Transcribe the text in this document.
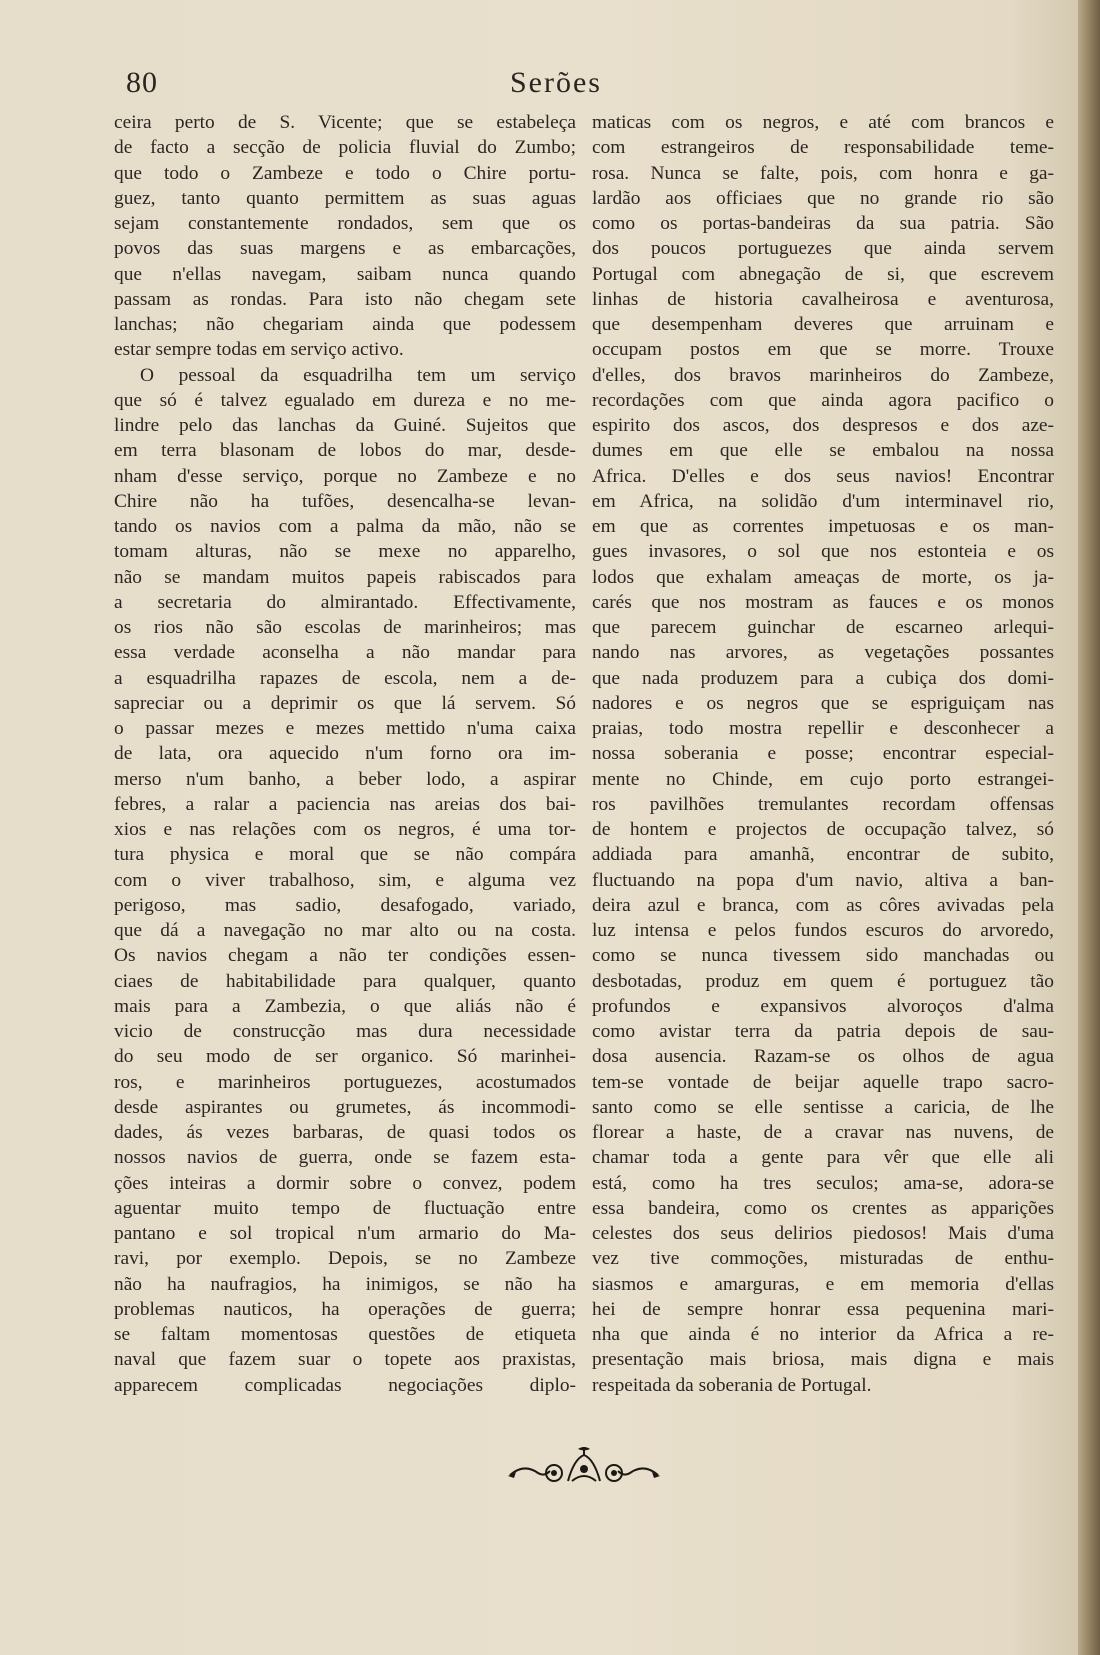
80	Serões
ceira perto de S. Vicente; que se estabeleça
de facto a secção de policia fluvial do Zumbo;
que todo o Zambeze e todo o Chire portu-
guez, tanto quanto permittem as suas aguas
sejam constantemente rondados, sem que os
povos das suas margens e as embarcações,
que n'ellas navegam, saibam nunca quando
passam as rondas. Para isto não chegam sete
lanchas; não chegariam ainda que podessem
estar sempre todas em serviço activo.
O pessoal da esquadrilha tem um serviço
que só é talvez egualado em dureza e no me-
lindre pelo das lanchas da Guiné. Sujeitos que
em terra blasonam de lobos do mar, desde-
nham d'esse serviço, porque no Zambeze e no
Chire não ha tufões, desencalha-se levan-
tando os navios com a palma da mão, não se
tomam alturas, não se mexe no apparelho,
não se mandam muitos papeis rabiscados para
a secretaria do almirantado. Effectivamente,
os rios não são escolas de marinheiros; mas
essa verdade aconselha a não mandar para
a esquadrilha rapazes de escola, nem a de-
sapreciar ou a deprimir os que lá servem. Só
o passar mezes e mezes mettido n'uma caixa
de lata, ora aquecido n'um forno ora im-
merso n'um banho, a beber lodo, a aspirar
febres, a ralar a paciencia nas areias dos bai-
xios e nas relações com os negros, é uma tor-
tura physica e moral que se não compára
com o viver trabalhoso, sim, e alguma vez
perigoso, mas sadio, desafogado, variado,
que dá a navegação no mar alto ou na costa.
Os navios chegam a não ter condições essen-
ciaes de habitabilidade para qualquer, quanto
mais para a Zambezia, o que aliás não é
vicio de construcção mas dura necessidade
do seu modo de ser organico. Só marinhei-
ros, e marinheiros portuguezes, acostumados
desde aspirantes ou grumetes, ás incommodi-
dades, ás vezes barbaras, de quasi todos os
nossos navios de guerra, onde se fazem esta-
ções inteiras a dormir sobre o convez, podem
aguentar muito tempo de fluctuação entre
pantano e sol tropical n'um armario do Ma-
ravi, por exemplo. Depois, se no Zambeze
não ha naufragios, ha inimigos, se não ha
problemas nauticos, ha operações de guerra;
se faltam momentosas questões de etiqueta
naval que fazem suar o topete aos praxistas,
apparecem complicadas negociações diplo-
maticas com os negros, e até com brancos e
com estrangeiros de responsabilidade teme-
rosa. Nunca se falte, pois, com honra e ga-
lardão aos officiaes que no grande rio são
como os portas-bandeiras da sua patria. São
dos poucos portuguezes que ainda servem
Portugal com abnegação de si, que escrevem
linhas de historia cavalheirosa e aventurosa,
que desempenham deveres que arruinam e
occupam postos em que se morre. Trouxe
d'elles, dos bravos marinheiros do Zambeze,
recordações com que ainda agora pacifico o
espirito dos ascos, dos despresos e dos aze-
dumes em que elle se embalou na nossa
Africa. D'elles e dos seus navios! Encontrar
em Africa, na solidão d'um interminavel rio,
em que as correntes impetuosas e os man-
gues invasores, o sol que nos estonteia e os
lodos que exhalam ameaças de morte, os ja-
carés que nos mostram as fauces e os monos
que parecem guinchar de escarneo arlequi-
nando nas arvores, as vegetações possantes
que nada produzem para a cubiça dos domi-
nadores e os negros que se espriguiçam nas
praias, todo mostra repellir e desconhecer a
nossa soberania e posse; encontrar especial-
mente no Chinde, em cujo porto estrangei-
ros pavilhões tremulantes recordam offensas
de hontem e projectos de occupação talvez, só
addiada para amanhã, encontrar de subito,
fluctuando na popa d'um navio, altiva a ban-
deira azul e branca, com as côres avivadas pela
luz intensa e pelos fundos escuros do arvoredo,
como se nunca tivessem sido manchadas ou
desbotadas, produz em quem é portuguez tão
profundos e expansivos alvoroços d'alma
como avistar terra da patria depois de sau-
dosa ausencia. Razam-se os olhos de agua
tem-se vontade de beijar aquelle trapo sacro-
santo como se elle sentisse a caricia, de lhe
florear a haste, de a cravar nas nuvens, de
chamar toda a gente para vêr que elle ali
está, como ha tres seculos; ama-se, adora-se
essa bandeira, como os crentes as apparições
celestes dos seus delirios piedosos! Mais d'uma
vez tive commoções, misturadas de enthu-
siasmos e amarguras, e em memoria d'ellas
hei de sempre honrar essa pequenina mari-
nha que ainda é no interior da Africa a re-
presentação mais briosa, mais digna e mais
respeitada da soberania de Portugal.
